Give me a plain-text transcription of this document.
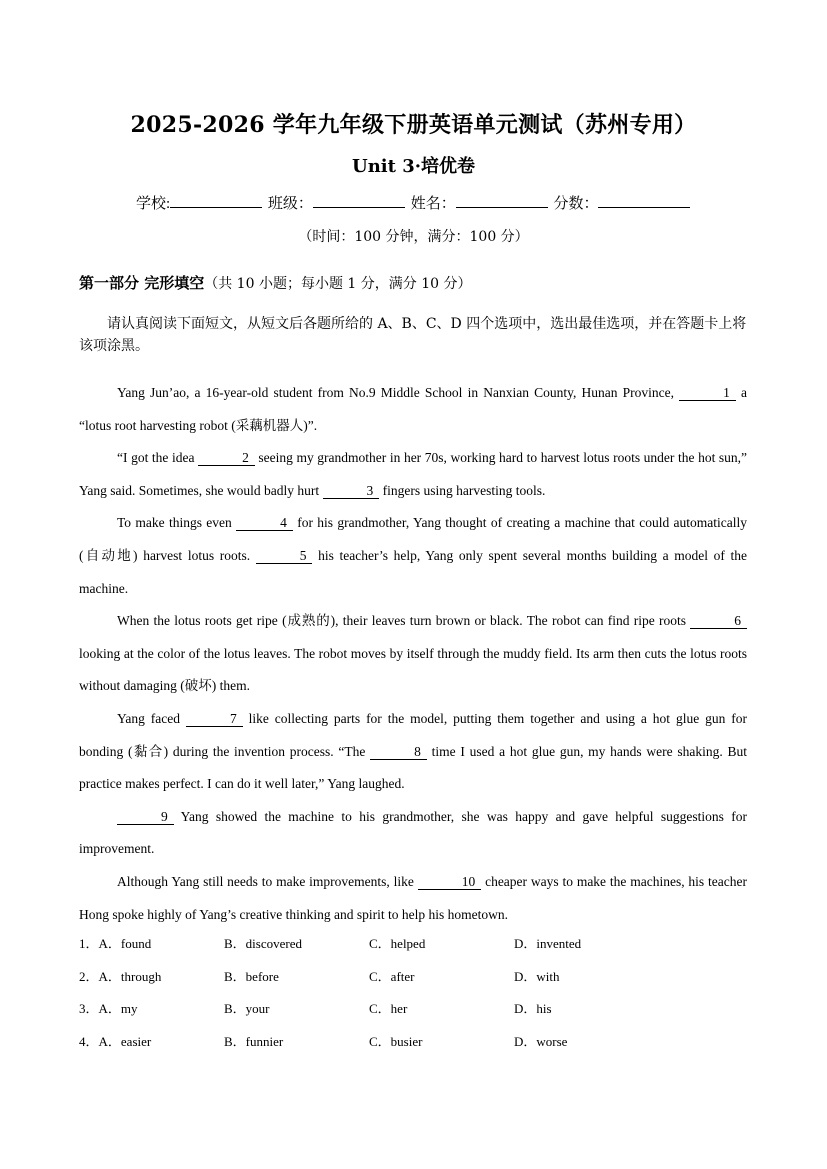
2025-2026 学年九年级下册英语单元测试（苏州专用）
Unit 3·培优卷
学校:	班级：	姓名：	分数：
（时间：100 分钟，满分：100 分）
第一部分 完形填空（共 10 小题；每小题 1 分，满分 10 分）
请认真阅读下面短文，从短文后各题所给的 A、B、C、D 四个选项中，选出最佳选项，并在答题卡上将该项涂黑。

Yang Jun’ao, a 16-year-old student from No.9 Middle School in Nanxian County, Hunan Province,	1 a “lotus root harvesting robot (采藕机器人)”.

“I got the idea	2 seeing my grandmother in her 70s, working hard to harvest lotus roots under the hot sun,” Yang said. Sometimes, she would badly hurt	3 fingers using harvesting tools.

To make things even	4 for his grandmother, Yang thought of creating a machine that could automatically (自动地) harvest lotus roots.	5 his teacher’s help, Yang only spent several months building a model of the machine.

When the lotus roots get ripe (成熟的), their leaves turn brown or black. The robot can find ripe roots	6 looking at the color of the lotus leaves. The robot moves by itself through the muddy field. Its arm then cuts the lotus roots without damaging (破坏) them.

Yang faced	7 like collecting parts for the model, putting them together and using a hot glue gun for bonding (黏合) during the invention process. “The	8 time I used a hot glue gun, my hands were shaking. But practice makes perfect. I can do it well later,” Yang laughed.

9 Yang showed the machine to his grandmother, she was happy and gave helpful suggestions for improvement.

Although Yang still needs to make improvements, like	10 cheaper ways to make the machines, his teacher Hong spoke highly of Yang’s creative thinking and spirit to help his hometown.

1．A．found	B．discovered	C．helped	D．invented
2．A．through	B．before	C．after	D．with
3．A．my	B．your	C．her	D．his
4．A．easier	B．funnier	C．busier	D．worse
